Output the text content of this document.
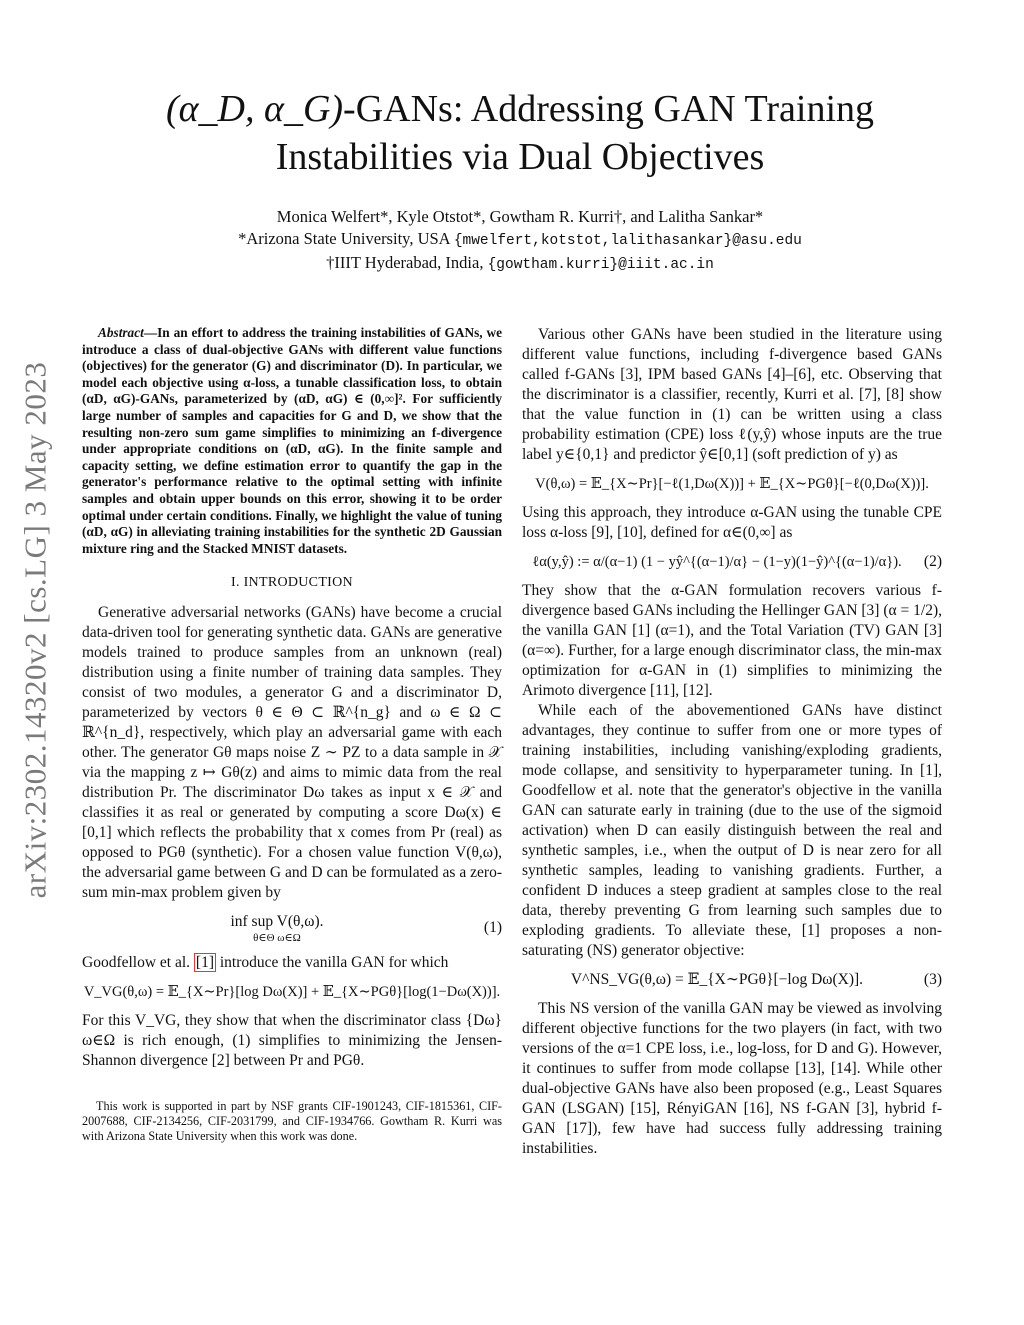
arXiv:2302.14320v2 [cs.LG] 3 May 2023
(α_D, α_G)-GANs: Addressing GAN Training
Instabilities via Dual Objectives
Monica Welfert*, Kyle Otstot*, Gowtham R. Kurri†, and Lalitha Sankar*
*Arizona State University, USA {mwelfert,kotstot,lalithasankar}@asu.edu
†IIIT Hyderabad, India, {gowtham.kurri}@iiit.ac.in

Abstract—In an effort to address the training instabilities of GANs, we introduce a class of dual-objective GANs with different value functions (objectives) for the generator (G) and discriminator (D). In particular, we model each objective using α-loss, a tunable classification loss, to obtain (αD, αG)-GANs, parameterized by (αD, αG) ∈ (0,∞]². For sufficiently large number of samples and capacities for G and D, we show that the resulting non-zero sum game simplifies to minimizing an f-divergence under appropriate conditions on (αD, αG). In the finite sample and capacity setting, we define estimation error to quantify the gap in the generator's performance relative to the optimal setting with infinite samples and obtain upper bounds on this error, showing it to be order optimal under certain conditions. Finally, we highlight the value of tuning (αD, αG) in alleviating training instabilities for the synthetic 2D Gaussian mixture ring and the Stacked MNIST datasets.

I. INTRODUCTION

Generative adversarial networks (GANs) have become a crucial data-driven tool for generating synthetic data. GANs are generative models trained to produce samples from an unknown (real) distribution using a finite number of training data samples. They consist of two modules, a generator G and a discriminator D, parameterized by vectors θ ∈ Θ ⊂ ℝ^{n_g} and ω ∈ Ω ⊂ ℝ^{n_d}, respectively, which play an adversarial game with each other. The generator Gθ maps noise Z ∼ PZ to a data sample in 𝒳 via the mapping z ↦ Gθ(z) and aims to mimic data from the real distribution Pr. The discriminator Dω takes as input x ∈ 𝒳 and classifies it as real or generated by computing a score Dω(x) ∈ [0,1] which reflects the probability that x comes from Pr (real) as opposed to PGθ (synthetic). For a chosen value function V(θ,ω), the adversarial game between G and D can be formulated as a zero-sum min-max problem given by

inf sup V(θ,ω).
θ∈Θ ω∈Ω
(1)

Goodfellow et al. [1] introduce the vanilla GAN for which

V_VG(θ,ω) = 𝔼_{X∼Pr}[log Dω(X)] + 𝔼_{X∼PGθ}[log(1−Dω(X))].

For this V_VG, they show that when the discriminator class {Dω}ω∈Ω is rich enough, (1) simplifies to minimizing the Jensen-Shannon divergence [2] between Pr and PGθ.

This work is supported in part by NSF grants CIF-1901243, CIF-1815361, CIF-2007688, CIF-2134256, CIF-2031799, and CIF-1934766. Gowtham R. Kurri was with Arizona State University when this work was done.

Various other GANs have been studied in the literature using different value functions, including f-divergence based GANs called f-GANs [3], IPM based GANs [4]–[6], etc. Observing that the discriminator is a classifier, recently, Kurri et al. [7], [8] show that the value function in (1) can be written using a class probability estimation (CPE) loss ℓ(y,ŷ) whose inputs are the true label y∈{0,1} and predictor ŷ∈[0,1] (soft prediction of y) as

V(θ,ω) = 𝔼_{X∼Pr}[−ℓ(1,Dω(X))] + 𝔼_{X∼PGθ}[−ℓ(0,Dω(X))].

Using this approach, they introduce α-GAN using the tunable CPE loss α-loss [9], [10], defined for α∈(0,∞] as

ℓα(y,ŷ) := α/(α−1) (1 − yŷ^{(α−1)/α} − (1−y)(1−ŷ)^{(α−1)/α}).	(2)

They show that the α-GAN formulation recovers various f-divergence based GANs including the Hellinger GAN [3] (α = 1/2), the vanilla GAN [1] (α=1), and the Total Variation (TV) GAN [3] (α=∞). Further, for a large enough discriminator class, the min-max optimization for α-GAN in (1) simplifies to minimizing the Arimoto divergence [11], [12].

While each of the abovementioned GANs have distinct advantages, they continue to suffer from one or more types of training instabilities, including vanishing/exploding gradients, mode collapse, and sensitivity to hyperparameter tuning. In [1], Goodfellow et al. note that the generator's objective in the vanilla GAN can saturate early in training (due to the use of the sigmoid activation) when D can easily distinguish between the real and synthetic samples, i.e., when the output of D is near zero for all synthetic samples, leading to vanishing gradients. Further, a confident D induces a steep gradient at samples close to the real data, thereby preventing G from learning such samples due to exploding gradients. To alleviate these, [1] proposes a non-saturating (NS) generator objective:

V^NS_VG(θ,ω) = 𝔼_{X∼PGθ}[−log Dω(X)].	(3)

This NS version of the vanilla GAN may be viewed as involving different objective functions for the two players (in fact, with two versions of the α=1 CPE loss, i.e., log-loss, for D and G). However, it continues to suffer from mode collapse [13], [14]. While other dual-objective GANs have also been proposed (e.g., Least Squares GAN (LSGAN) [15], RényiGAN [16], NS f-GAN [3], hybrid f-GAN [17]), few have had success fully addressing training instabilities.
